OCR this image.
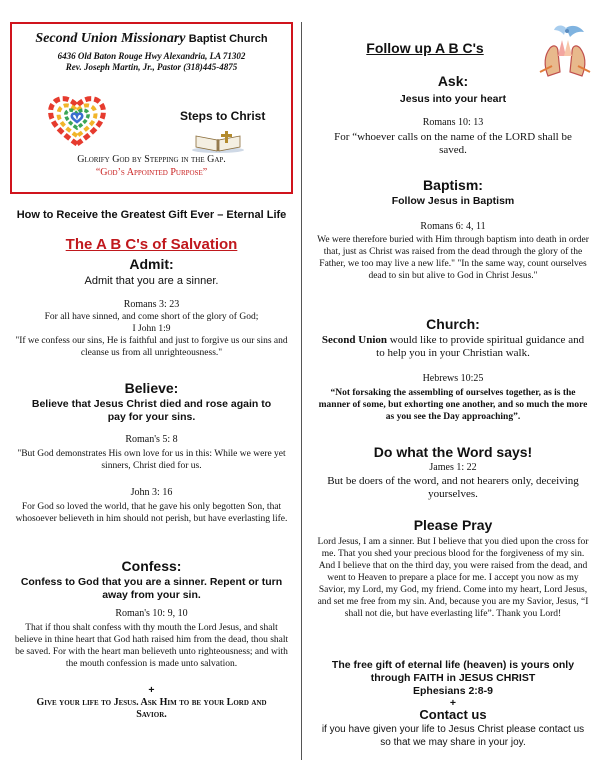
Second Union Missionary Baptist Church
6436 Old Baton Rouge Hwy Alexandria, LA 71302
Rev. Joseph Martin, Jr., Pastor (318)445-4875
Steps to Christ
Glorify God by Stepping in the Gap.
“God’s Appointed Purpose”
How to Receive the Greatest Gift Ever – Eternal Life
The A B C's of Salvation
Admit:
Admit that you are a sinner.
Romans 3: 23
For all have sinned, and come short of the glory of God;
I John 1:9
"If we confess our sins, He is faithful and just to forgive us our sins and cleanse us from all unrighteousness."
Believe:
Believe that Jesus Christ died and rose again to pay for your sins.
Roman's 5: 8
"But God demonstrates His own love for us in this: While we were yet sinners, Christ died for us.
John 3: 16
For God so loved the world, that he gave his only begotten Son, that whosoever believeth in him should not perish, but have everlasting life.
Confess:
Confess to God that you are a sinner. Repent or turn away from your sin.
Roman's 10: 9, 10
That if thou shalt confess with thy mouth the Lord Jesus, and shalt believe in thine heart that God hath raised him from the dead, thou shalt be saved. For with the heart man believeth unto righteousness; and with the mouth confession is made unto salvation.
+
Give your life to Jesus. Ask Him to be your Lord and Savior.
Follow up A B C's
Ask:
Jesus into your heart
Romans 10: 13
For “whoever calls on the name of the LORD shall be saved.
Baptism:
Follow Jesus in Baptism
Romans 6: 4, 11
We were therefore buried with Him through baptism into death in order that, just as Christ was raised from the dead through the glory of the Father, we too may live a new life." "In the same way, count ourselves dead to sin but alive to God in Christ Jesus."
Church:
Second Union would like to provide spiritual guidance and to help you in your Christian walk.
Hebrews 10:25
“Not forsaking the assembling of ourselves together, as is the manner of some, but exhorting one another, and so much the more as you see the Day approaching”.
Do what the Word says!
James 1: 22
But be doers of the word, and not hearers only, deceiving yourselves.
Please Pray
Lord Jesus, I am a sinner. But I believe that you died upon the cross for me. That you shed your precious blood for the forgiveness of my sin. And I believe that on the third day, you were raised from the dead, and went to Heaven to prepare a place for me. I accept you now as my Savior, my Lord, my God, my friend. Come into my heart, Lord Jesus, and set me free from my sin. And, because you are my Savior, Jesus, “I shall not die, but have everlasting life”. Thank you Lord!
The free gift of eternal life (heaven) is yours only through FAITH in JESUS CHRIST
Ephesians 2:8-9
+
Contact us
if you have given your life to Jesus Christ please contact us so that we may share in your joy.
